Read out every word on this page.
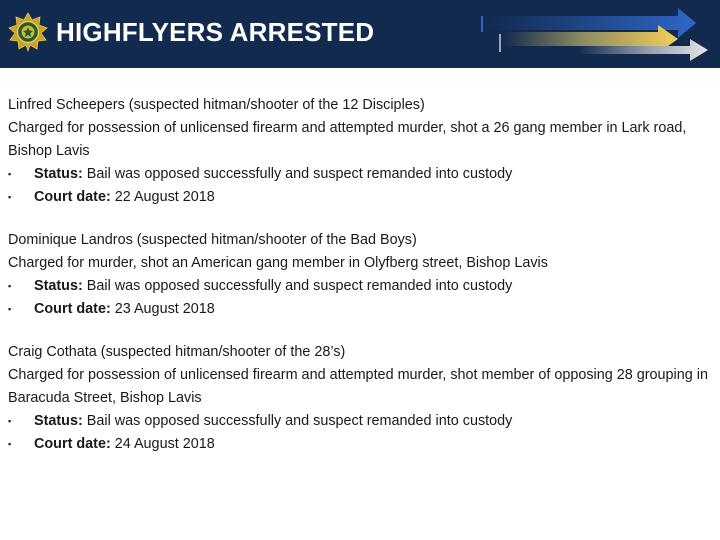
HIGHFLYERS ARRESTED

Linfred Scheepers (suspected hitman/shooter of the 12 Disciples)

Charged for possession of unlicensed firearm and attempted murder, shot a 26 gang member in Lark road, Bishop Lavis

▪	Status: Bail was opposed successfully and suspect remanded into custody
▪	Court date: 22 August 2018

Dominique Landros (suspected hitman/shooter of the Bad Boys)

Charged for murder, shot an American gang member in Olyfberg street, Bishop Lavis

▪	Status: Bail was opposed successfully and suspect remanded into custody
▪	Court date: 23 August 2018

Craig Cothata (suspected hitman/shooter of the 28’s)

Charged for possession of unlicensed firearm and attempted murder, shot member of opposing 28 grouping in Baracuda Street, Bishop Lavis

▪	Status: Bail was opposed successfully and suspect remanded into custody
▪	Court date: 24 August 2018
